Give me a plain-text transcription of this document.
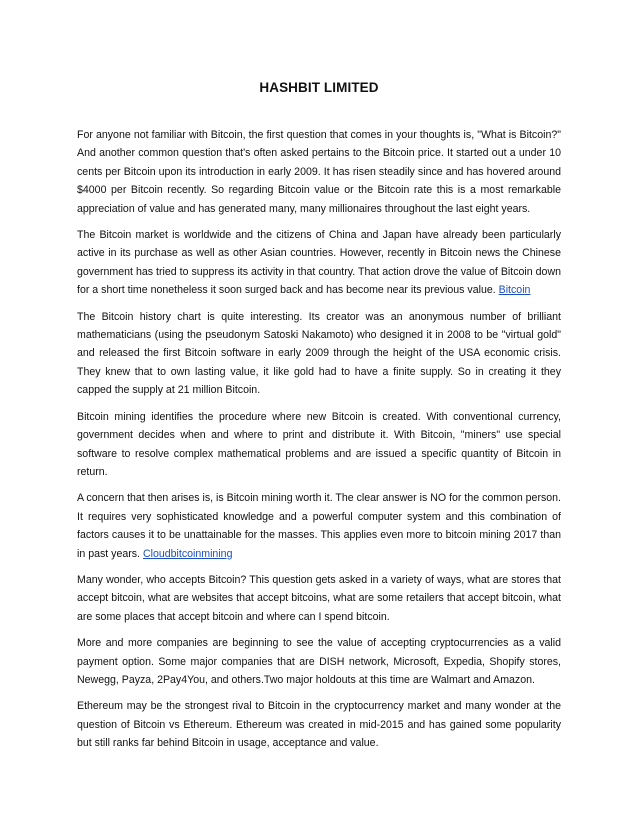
HASHBIT LIMITED

For anyone not familiar with Bitcoin, the first question that comes in your thoughts is, "What is Bitcoin?" And another common question that's often asked pertains to the Bitcoin price. It started out a under 10 cents per Bitcoin upon its introduction in early 2009. It has risen steadily since and has hovered around $4000 per Bitcoin recently. So regarding Bitcoin value or the Bitcoin rate this is a most remarkable appreciation of value and has generated many, many millionaires throughout the last eight years.

The Bitcoin market is worldwide and the citizens of China and Japan have already been particularly active in its purchase as well as other Asian countries. However, recently in Bitcoin news the Chinese government has tried to suppress its activity in that country. That action drove the value of Bitcoin down for a short time nonetheless it soon surged back and has become near its previous value. Bitcoin

The Bitcoin history chart is quite interesting. Its creator was an anonymous number of brilliant mathematicians (using the pseudonym Satoski Nakamoto) who designed it in 2008 to be "virtual gold" and released the first Bitcoin software in early 2009 through the height of the USA economic crisis. They knew that to own lasting value, it like gold had to have a finite supply. So in creating it they capped the supply at 21 million Bitcoin.

Bitcoin mining identifies the procedure where new Bitcoin is created. With conventional currency, government decides when and where to print and distribute it. With Bitcoin, "miners" use special software to resolve complex mathematical problems and are issued a specific quantity of Bitcoin in return.

A concern that then arises is, is Bitcoin mining worth it. The clear answer is NO for the common person. It requires very sophisticated knowledge and a powerful computer system and this combination of factors causes it to be unattainable for the masses. This applies even more to bitcoin mining 2017 than in past years. Cloudbitcoinmining

Many wonder, who accepts Bitcoin? This question gets asked in a variety of ways, what are stores that accept bitcoin, what are websites that accept bitcoins, what are some retailers that accept bitcoin, what are some places that accept bitcoin and where can I spend bitcoin.

More and more companies are beginning to see the value of accepting cryptocurrencies as a valid payment option. Some major companies that are DISH network, Microsoft, Expedia, Shopify stores, Newegg, Payza, 2Pay4You, and others.Two major holdouts at this time are Walmart and Amazon.

Ethereum may be the strongest rival to Bitcoin in the cryptocurrency market and many wonder at the question of Bitcoin vs Ethereum. Ethereum was created in mid-2015 and has gained some popularity but still ranks far behind Bitcoin in usage, acceptance and value.
